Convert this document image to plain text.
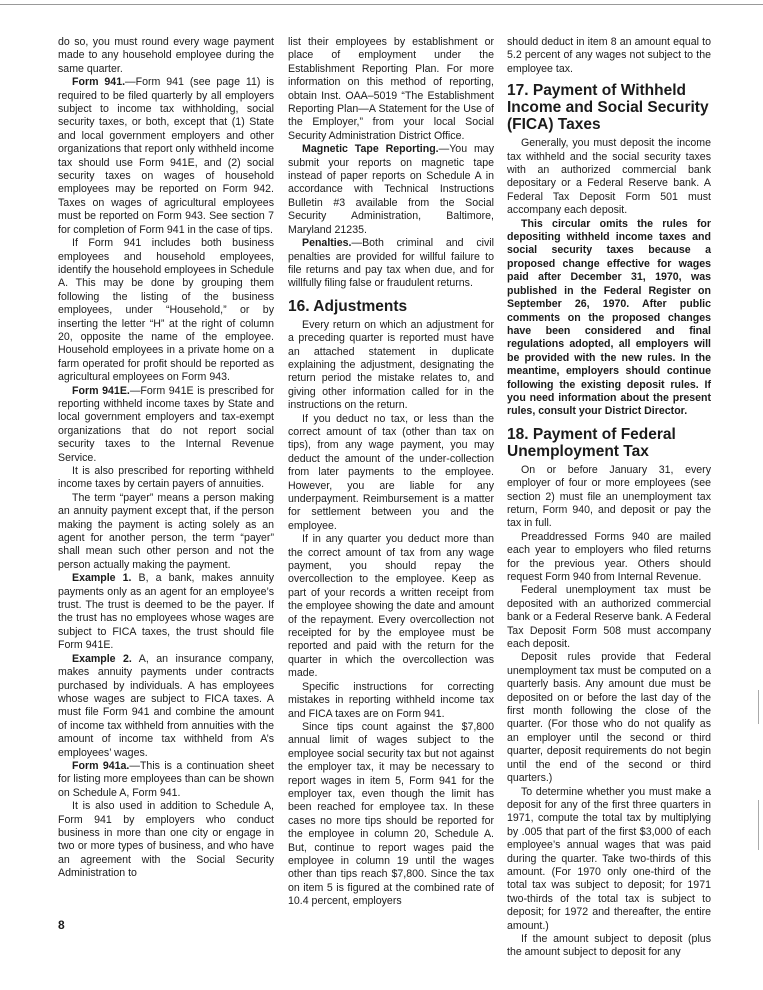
do so, you must round every wage payment made to any household employee during the same quarter.

Form 941.—Form 941 (see page 11) is required to be filed quarterly by all employers subject to income tax withholding, social security taxes, or both, except that (1) State and local government employers and other organizations that report only withheld income tax should use Form 941E, and (2) social security taxes on wages of household employees may be reported on Form 942. Taxes on wages of agricultural employees must be reported on Form 943. See section 7 for completion of Form 941 in the case of tips.

If Form 941 includes both business employees and household employees, identify the household employees in Schedule A. This may be done by grouping them following the listing of the business employees, under “Household,” or by inserting the letter “H” at the right of column 20, opposite the name of the employee. Household employees in a private home on a farm operated for profit should be reported as agricultural employees on Form 943.

Form 941E.—Form 941E is prescribed for reporting withheld income taxes by State and local government employers and tax-exempt organizations that do not report social security taxes to the Internal Revenue Service.

It is also prescribed for reporting withheld income taxes by certain payers of annuities.

The term “payer” means a person making an annuity payment except that, if the person making the payment is acting solely as an agent for another person, the term “payer” shall mean such other person and not the person actually making the payment.

Example 1. B, a bank, makes annuity payments only as an agent for an employee’s trust. The trust is deemed to be the payer. If the trust has no employees whose wages are subject to FICA taxes, the trust should file Form 941E.

Example 2. A, an insurance company, makes annuity payments under contracts purchased by individuals. A has employees whose wages are subject to FICA taxes. A must file Form 941 and combine the amount of income tax withheld from annuities with the amount of income tax withheld from A’s employees’ wages.

Form 941a.—This is a continuation sheet for listing more employees than can be shown on Schedule A, Form 941.

It is also used in addition to Schedule A, Form 941 by employers who conduct business in more than one city or engage in two or more types of business, and who have an agreement with the Social Security Administration to

list their employees by establishment or place of employment under the Establishment Reporting Plan. For more information on this method of reporting, obtain Inst. OAA–5019 “The Establishment Reporting Plan—A Statement for the Use of the Employer,” from your local Social Security Administration District Office.

Magnetic Tape Reporting.—You may submit your reports on magnetic tape instead of paper reports on Schedule A in accordance with Technical Instructions Bulletin #3 available from the Social Security Administration, Baltimore, Maryland 21235.

Penalties.—Both criminal and civil penalties are provided for willful failure to file returns and pay tax when due, and for willfully filing false or fraudulent returns.

16. Adjustments

Every return on which an adjustment for a preceding quarter is reported must have an attached statement in duplicate explaining the adjustment, designating the return period the mistake relates to, and giving other information called for in the instructions on the return.

If you deduct no tax, or less than the correct amount of tax (other than tax on tips), from any wage payment, you may deduct the amount of the under-collection from later payments to the employee. However, you are liable for any underpayment. Reimbursement is a matter for settlement between you and the employee.

If in any quarter you deduct more than the correct amount of tax from any wage payment, you should repay the overcollection to the employee. Keep as part of your records a written receipt from the employee showing the date and amount of the repayment. Every overcollection not receipted for by the employee must be reported and paid with the return for the quarter in which the overcollection was made.

Specific instructions for correcting mistakes in reporting withheld income tax and FICA taxes are on Form 941.

Since tips count against the $7,800 annual limit of wages subject to the employee social security tax but not against the employer tax, it may be necessary to report wages in item 5, Form 941 for the employer tax, even though the limit has been reached for employee tax. In these cases no more tips should be reported for the employee in column 20, Schedule A. But, continue to report wages paid the employee in column 19 until the wages other than tips reach $7,800. Since the tax on item 5 is figured at the combined rate of 10.4 percent, employers

should deduct in item 8 an amount equal to 5.2 percent of any wages not subject to the employee tax.

17. Payment of Withheld Income and Social Security (FICA) Taxes

Generally, you must deposit the income tax withheld and the social security taxes with an authorized commercial bank depositary or a Federal Reserve bank. A Federal Tax Deposit Form 501 must accompany each deposit.

This circular omits the rules for depositing withheld income taxes and social security taxes because a proposed change effective for wages paid after December 31, 1970, was published in the Federal Register on September 26, 1970. After public comments on the proposed changes have been considered and final regulations adopted, all employers will be provided with the new rules. In the meantime, employers should continue following the existing deposit rules. If you need information about the present rules, consult your District Director.

18. Payment of Federal Unemployment Tax

On or before January 31, every employer of four or more employees (see section 2) must file an unemployment tax return, Form 940, and deposit or pay the tax in full.

Preaddressed Forms 940 are mailed each year to employers who filed returns for the previous year. Others should request Form 940 from Internal Revenue.

Federal unemployment tax must be deposited with an authorized commercial bank or a Federal Reserve bank. A Federal Tax Deposit Form 508 must accompany each deposit.

Deposit rules provide that Federal unemployment tax must be computed on a quarterly basis. Any amount due must be deposited on or before the last day of the first month following the close of the quarter. (For those who do not qualify as an employer until the second or third quarter, deposit requirements do not begin until the end of the second or third quarters.)

To determine whether you must make a deposit for any of the first three quarters in 1971, compute the total tax by multiplying by .005 that part of the first $3,000 of each employee’s annual wages that was paid during the quarter. Take two-thirds of this amount. (For 1970 only one-third of the total tax was subject to deposit; for 1971 two-thirds of the total tax is subject to deposit; for 1972 and thereafter, the entire amount.)

If the amount subject to deposit (plus the amount subject to deposit for any

8
